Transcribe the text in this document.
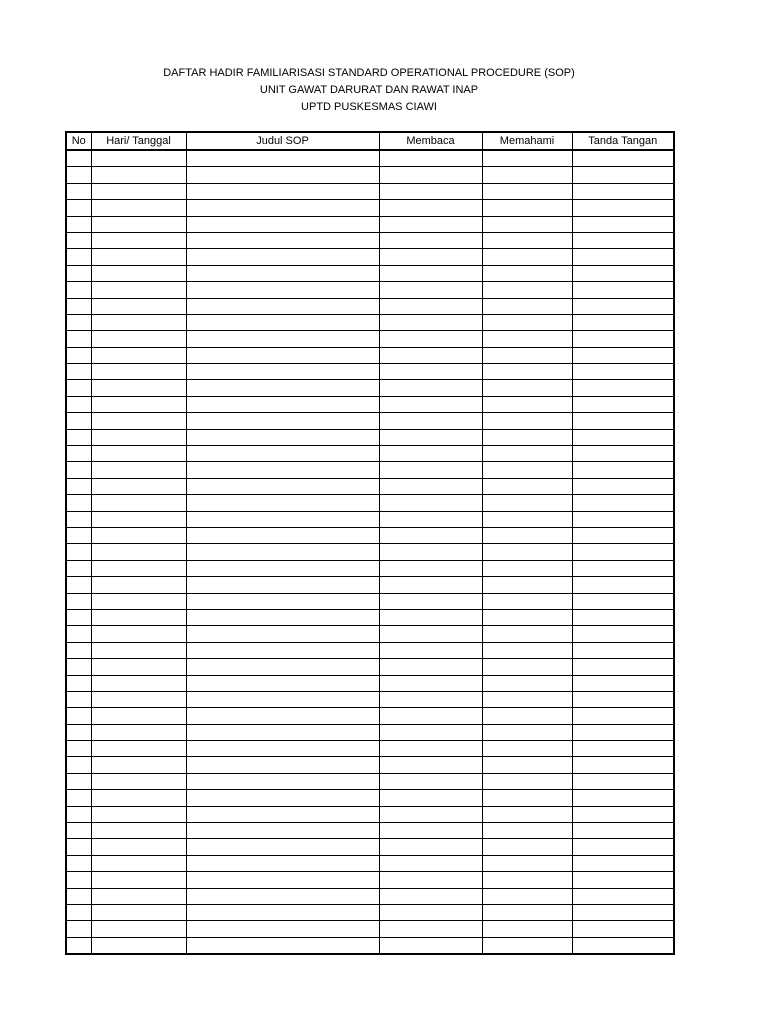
DAFTAR HADIR FAMILIARISASI STANDARD OPERATIONAL PROCEDURE (SOP)
UNIT GAWAT DARURAT DAN RAWAT INAP
UPTD PUSKESMAS CIAWI
No	Hari/ Tanggal	Judul SOP	Membaca	Memahami	Tanda Tangan
